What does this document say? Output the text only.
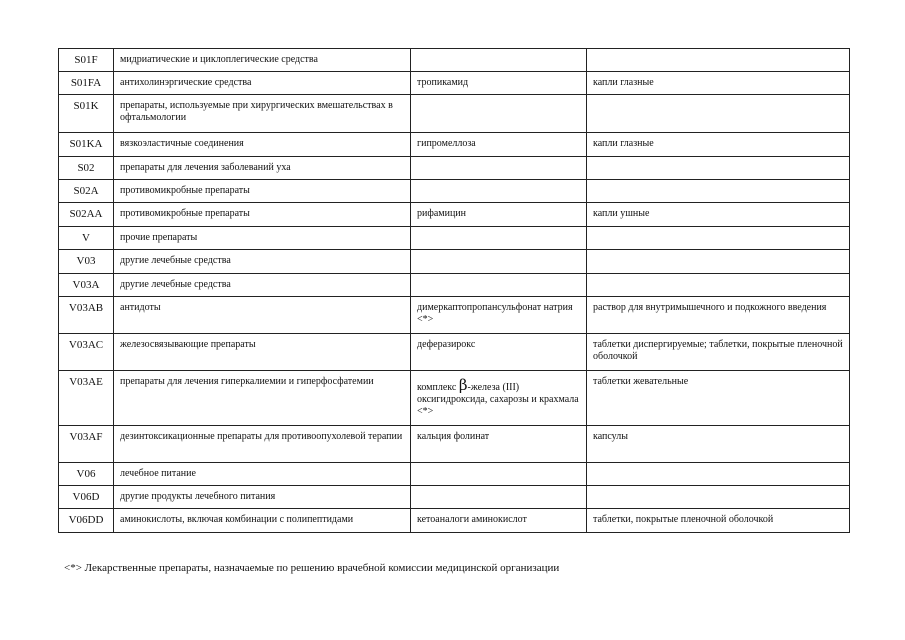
S01F	мидриатические и циклоплегические средства		
S01FA	антихолинэргические средства	тропикамид	капли глазные
S01K	препараты, используемые при хирургических вмешательствах в офтальмологии		
S01KA	вязкоэластичные соединения	гипромеллоза	капли глазные
S02	препараты для лечения заболеваний уха		
S02A	противомикробные препараты		
S02AA	противомикробные препараты	рифамицин	капли ушные
V	прочие препараты		
V03	другие лечебные средства		
V03A	другие лечебные средства		
V03AB	антидоты	димеркаптопропансульфонат натрия <*>	раствор для внутримышечного и подкожного введения
V03AC	железосвязывающие препараты	деферазирокс	таблетки диспергируемые; таблетки, покрытые пленочной оболочкой
V03AE	препараты для лечения гиперкалиемии и гиперфосфатемии	комплекс β-железа (III) оксигидроксида, сахарозы и крахмала <*>	таблетки жевательные
V03AF	дезинтоксикационные препараты для противоопухолевой терапии	кальция фолинат	капсулы
V06	лечебное питание		
V06D	другие продукты лечебного питания		
V06DD	аминокислоты, включая комбинации с полипептидами	кетоаналоги аминокислот	таблетки, покрытые пленочной оболочкой
<*> Лекарственные препараты, назначаемые по решению врачебной комиссии медицинской организации
